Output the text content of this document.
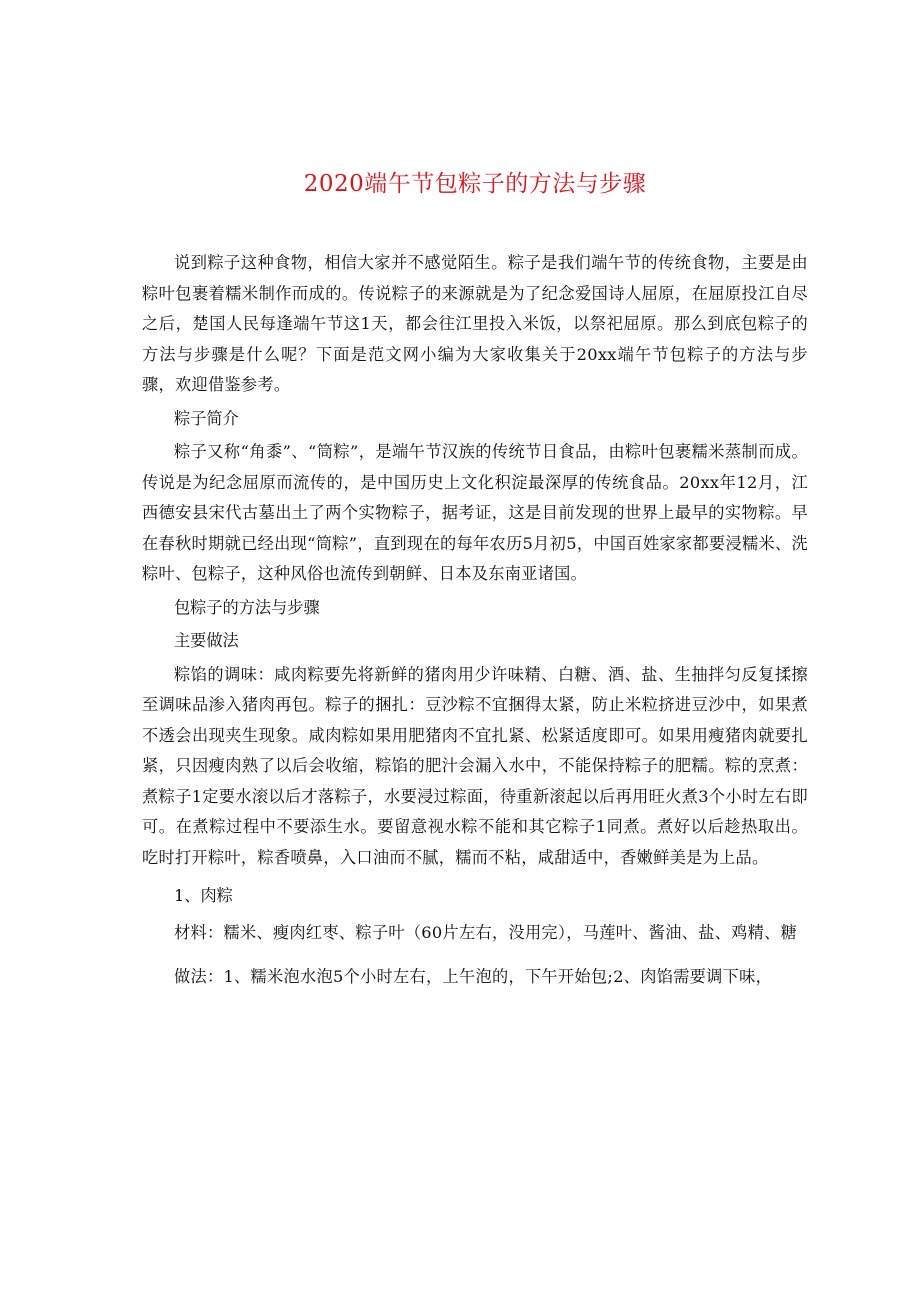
2020端午节包粽子的方法与步骤

说到粽子这种食物，相信大家并不感觉陌生。粽子是我们端午节的传统食物，主要是由粽叶包裹着糯米制作而成的。传说粽子的来源就是为了纪念爱国诗人屈原，在屈原投江自尽之后，楚国人民每逢端午节这1天，都会往江里投入米饭，以祭祀屈原。那么到底包粽子的方法与步骤是什么呢？下面是范文网小编为大家收集关于20xx端午节包粽子的方法与步骤，欢迎借鉴参考。

粽子简介

粽子又称“角黍”、“筒粽”，是端午节汉族的传统节日食品，由粽叶包裹糯米蒸制而成。传说是为纪念屈原而流传的，是中国历史上文化积淀最深厚的传统食品。20xx年12月，江西德安县宋代古墓出土了两个实物粽子，据考证，这是目前发现的世界上最早的实物粽。早在春秋时期就已经出现“筒粽”，直到现在的每年农历5月初5，中国百姓家家都要浸糯米、洗粽叶、包粽子，这种风俗也流传到朝鲜、日本及东南亚诸国。

包粽子的方法与步骤

主要做法

粽馅的调味：咸肉粽要先将新鲜的猪肉用少许味精、白糖、酒、盐、生抽拌匀反复揉擦至调味品渗入猪肉再包。粽子的捆扎：豆沙粽不宜捆得太紧，防止米粒挤进豆沙中，如果煮不透会出现夹生现象。咸肉粽如果用肥猪肉不宜扎紧、松紧适度即可。如果用瘦猪肉就要扎紧，只因瘦肉熟了以后会收缩，粽馅的肥汁会漏入水中，不能保持粽子的肥糯。粽的烹煮：煮粽子1定要水滚以后才落粽子，水要浸过粽面，待重新滚起以后再用旺火煮3个小时左右即可。在煮粽过程中不要添生水。要留意视水粽不能和其它粽子1同煮。煮好以后趁热取出。吃时打开粽叶，粽香喷鼻，入口油而不腻，糯而不粘，咸甜适中，香嫩鲜美是为上品。

1、肉粽

材料：糯米、瘦肉红枣、粽子叶（60片左右，没用完），马莲叶、酱油、盐、鸡精、糖

做法：1、糯米泡水泡5个小时左右，上午泡的，下午开始包;2、肉馅需要调下味，
